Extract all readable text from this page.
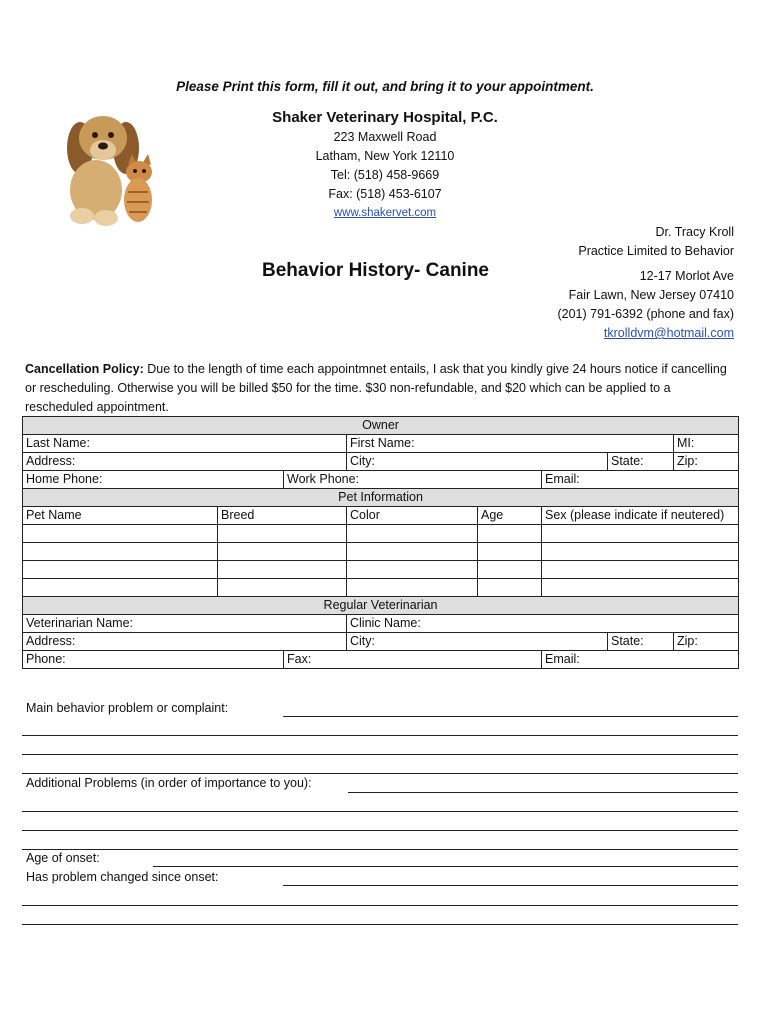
Please Print this form, fill it out, and bring it to your appointment.
Shaker Veterinary Hospital, P.C.
223 Maxwell Road
Latham, New York 12110
Tel: (518) 458-9669
Fax: (518) 453-6107
www.shakervet.com
Dr. Tracy Kroll
Practice Limited to Behavior
Behavior History- Canine	12-17 Morlot Ave
Fair Lawn, New Jersey 07410
(201) 791-6392 (phone and fax)
tkrolldvm@hotmail.com
Cancellation Policy: Due to the length of time each appointmnet entails, I ask that you kindly give 24 hours notice if cancelling or rescheduling. Otherwise you will be billed $50 for the time. $30 non-refundable, and $20 which can be applied to a rescheduled appointment.
Owner							
Last Name:			First Name:				MI:
Address:			City:			State:	Zip:
Home Phone:		Work Phone:			Email:		
Pet Information							
Pet Name	Breed		Color	Age	Sex (please indicate if neutered)		

Regular Veterinarian							
Veterinarian Name:			Clinic Name:				
Address:			City:			State:	Zip:
Phone:		Fax:			Email:		
Main behavior problem or complaint:
Additional Problems (in order of importance to you):
Age of onset:
Has problem changed since onset:
